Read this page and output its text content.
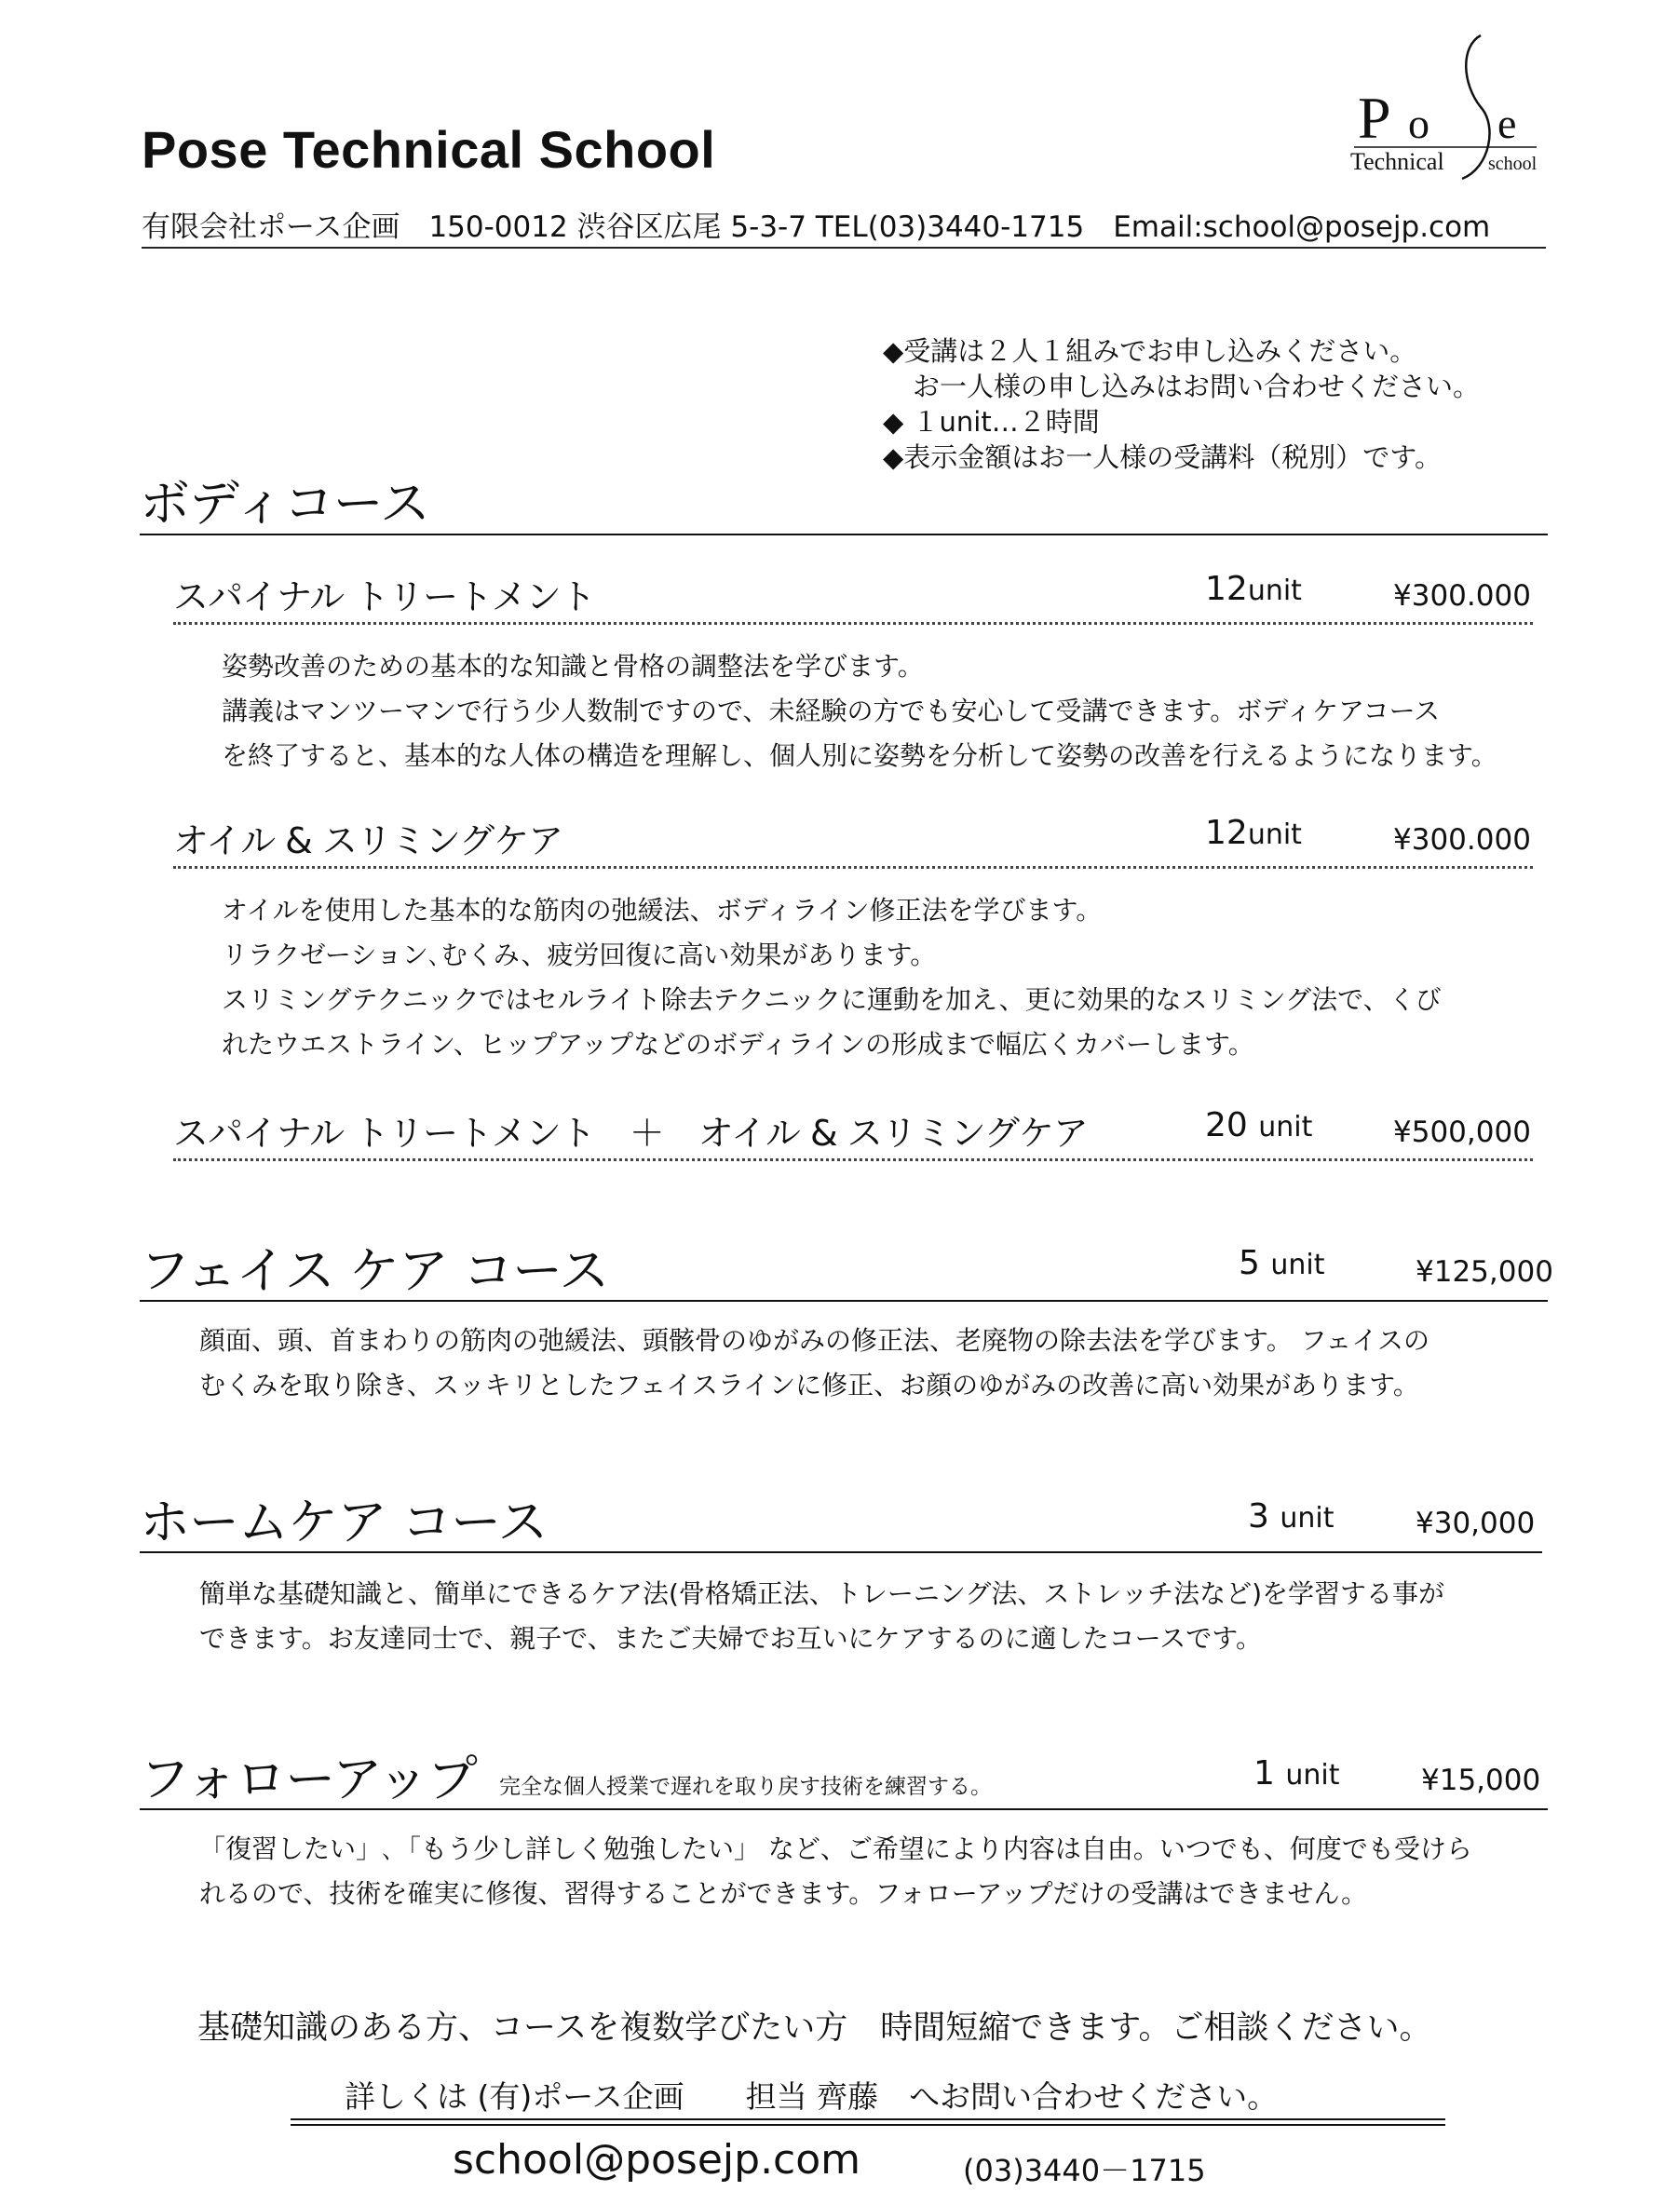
Pose Technical School	P o e
Technical school
有限会社ポース企画　150-0012 渋谷区広尾 5-3-7 TEL(03)3440-1715　Email:school@posejp.com
◆受講は２人１組みでお申し込みください。
お一人様の申し込みはお問い合わせください。
◆ １unit…２時間
◆表示金額はお一人様の受講料（税別）です。
ボディコース
スパイナル トリートメント	12unit	¥300.000

姿勢改善のための基本的な知識と骨格の調整法を学びます。

講義はマンツーマンで行う少人数制ですので、未経験の方でも安心して受講できます。ボディケアコース

を終了すると、基本的な人体の構造を理解し、個人別に姿勢を分析して姿勢の改善を行えるようになります。

オイル & スリミングケア	12unit	¥300.000

オイルを使用した基本的な筋肉の弛緩法、ボディライン修正法を学びます。

リラクゼーション､むくみ、疲労回復に高い効果があります。

スリミングテクニックではセルライト除去テクニックに運動を加え、更に効果的なスリミング法で、くび

れたウエストライン、ヒップアップなどのボディラインの形成まで幅広くカバーします。

スパイナル トリートメント　＋　オイル & スリミングケア	20 unit	¥500,000
フェイス ケア コース	5 unit	¥125,000

顔面、頭、首まわりの筋肉の弛緩法、頭骸骨のゆがみの修正法、老廃物の除去法を学びます。 フェイスの

むくみを取り除き、スッキリとしたフェイスラインに修正、お顔のゆがみの改善に高い効果があります。

ホームケア コース	3 unit	¥30,000

簡単な基礎知識と、簡単にできるケア法(骨格矯正法、トレーニング法、ストレッチ法など)を学習する事が

できます。お友達同士で、親子で、またご夫婦でお互いにケアするのに適したコースです。

フォローアップ 完全な個人授業で遅れを取り戻す技術を練習する。	1 unit	¥15,000

「復習したい」､「もう少し詳しく勉強したい」 など、ご希望により内容は自由。いつでも、何度でも受けら

れるので、技術を確実に修復、習得することができます。フォローアップだけの受講はできません。

基礎知識のある方、コースを複数学びたい方　時間短縮できます。ご相談ください。
詳しくは (有)ポース企画　　担当 齊藤　へお問い合わせください。
school@posejp.com	(03)3440－1715
